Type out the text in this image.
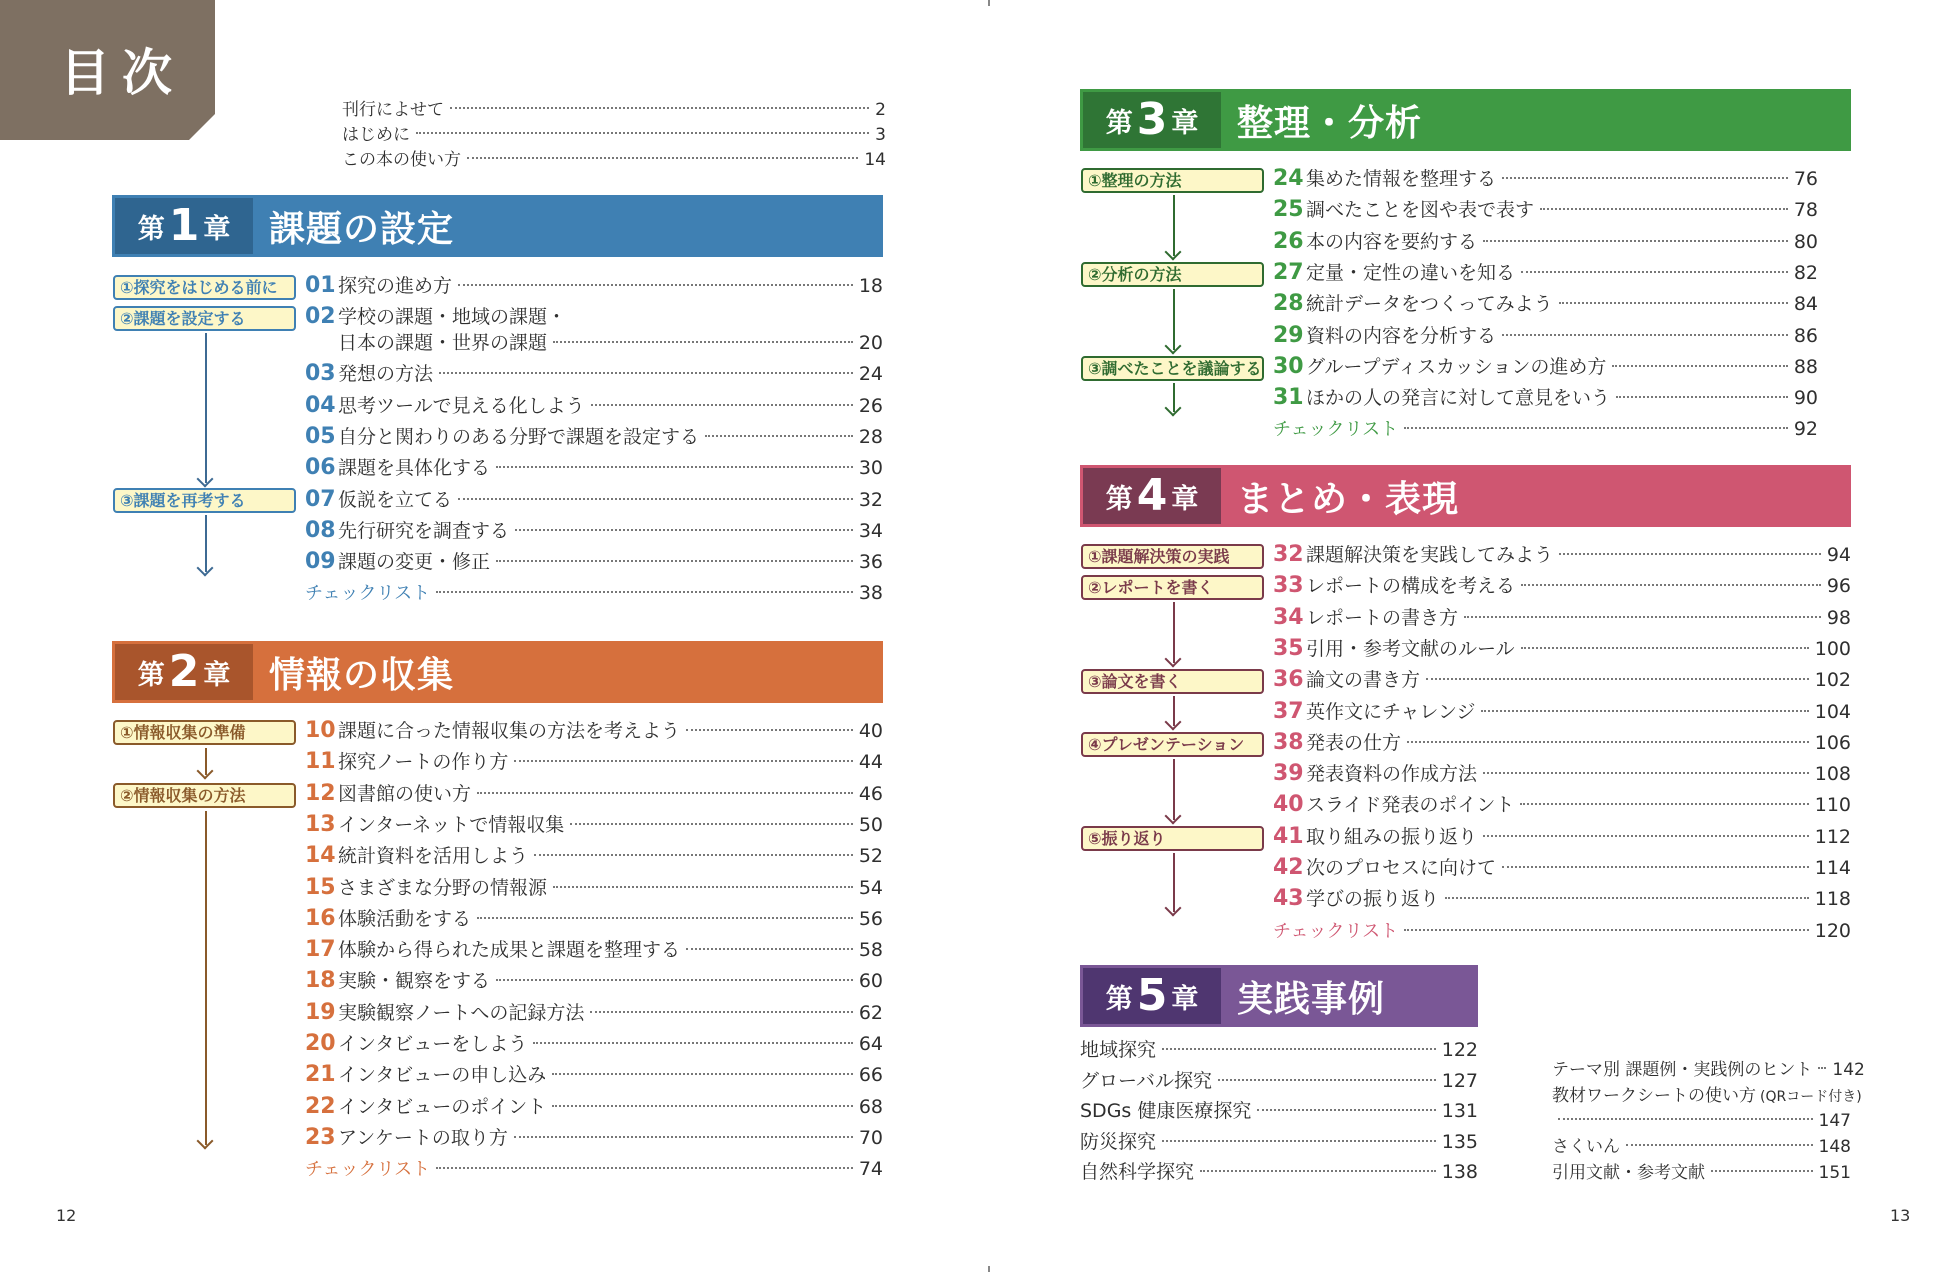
目次
刊行によせて	2
はじめに	3
この本の使い方	14
第 1 章	課題の設定
01 探究の進め方	18
02 学校の課題・地域の課題・
日本の課題・世界の課題	20
03 発想の方法	24
04 思考ツールで見える化しよう	26
05 自分と関わりのある分野で課題を設定する	28
06 課題を具体化する	30
07 仮説を立てる	32
08 先行研究を調査する	34
09 課題の変更・修正	36
チェックリスト	38
①探究をはじめる前に
②課題を設定する
③課題を再考する
第 2 章	情報の収集
10 課題に合った情報収集の方法を考えよう	40
11 探究ノートの作り方	44
12 図書館の使い方	46
13 インターネットで情報収集	50
14 統計資料を活用しよう	52
15 さまざまな分野の情報源	54
16 体験活動をする	56
17 体験から得られた成果と課題を整理する	58
18 実験・観察をする	60
19 実験観察ノートへの記録方法	62
20 インタビューをしよう	64
21 インタビューの申し込み	66
22 インタビューのポイント	68
23 アンケートの取り方	70
チェックリスト	74
①情報収集の準備
②情報収集の方法
第 3 章	整理・分析
24 集めた情報を整理する	76
25 調べたことを図や表で表す	78
26 本の内容を要約する	80
27 定量・定性の違いを知る	82
28 統計データをつくってみよう	84
29 資料の内容を分析する	86
30 グループディスカッションの進め方	88
31 ほかの人の発言に対して意見をいう	90
チェックリスト	92
①整理の方法
②分析の方法
③調べたことを議論する
第 4 章	まとめ・表現
32 課題解決策を実践してみよう	94
33 レポートの構成を考える	96
34 レポートの書き方	98
35 引用・参考文献のルール	100
36 論文の書き方	102
37 英作文にチャレンジ	104
38 発表の仕方	106
39 発表資料の作成方法	108
40 スライド発表のポイント	110
41 取り組みの振り返り	112
42 次のプロセスに向けて	114
43 学びの振り返り	118
チェックリスト	120
①課題解決策の実践
②レポートを書く
③論文を書く
④プレゼンテーション
⑤振り返り
第 5 章	実践事例
地域探究	122
グローバル探究	127
SDGs 健康医療探究	131
防災探究	135
自然科学探究	138
テーマ別 課題例・実践例のヒント 142
教材ワークシートの使い方 (QRコード付き)
147
さくいん	148
引用文献・参考文献	151
12	13
